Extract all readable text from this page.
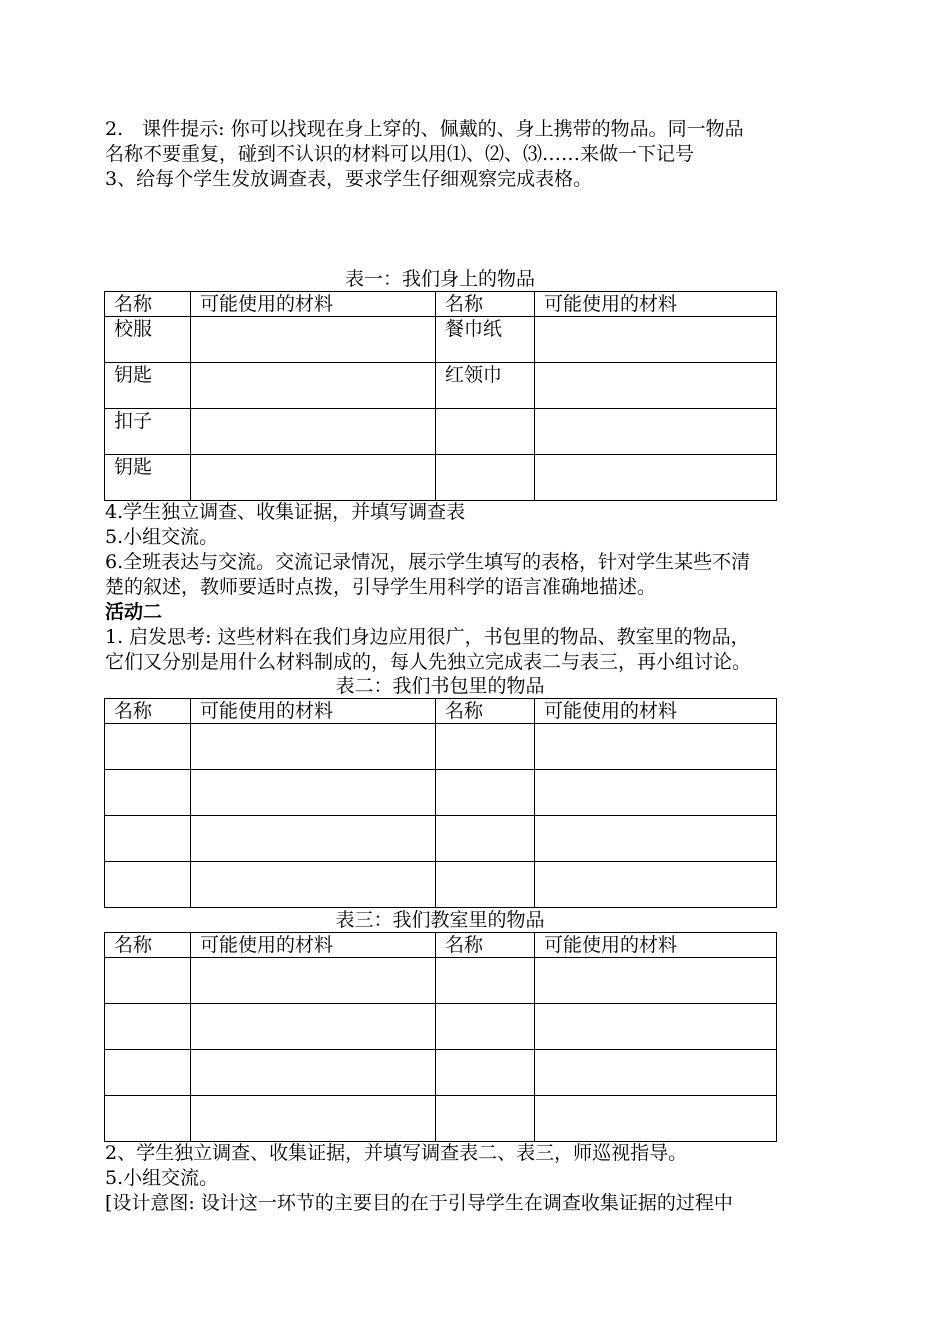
2.　课件提示: 你可以找现在身上穿的、佩戴的、身上携带的物品。同一物品
名称不要重复，碰到不认识的材料可以用⑴、⑵、⑶……来做一下记号
3、给每个学生发放调查表，要求学生仔细观察完成表格。
表一：我们身上的物品
名称	可能使用的材料	名称	可能使用的材料
校服		餐巾纸	
钥匙		红领巾	
扣子			
钥匙			
4.学生独立调查、收集证据，并填写调查表
5.小组交流。
6.全班表达与交流。交流记录情况，展示学生填写的表格，针对学生某些不清
楚的叙述，教师要适时点拨，引导学生用科学的语言准确地描述。
活动二
1. 启发思考: 这些材料在我们身边应用很广，书包里的物品、教室里的物品，
它们又分别是用什么材料制成的，每人先独立完成表二与表三，再小组讨论。
表二：我们书包里的物品
名称	可能使用的材料	名称	可能使用的材料

表三：我们教室里的物品
名称	可能使用的材料	名称	可能使用的材料

2、学生独立调查、收集证据，并填写调查表二、表三，师巡视指导。
5.小组交流。
[设计意图: 设计这一环节的主要目的在于引导学生在调查收集证据的过程中
